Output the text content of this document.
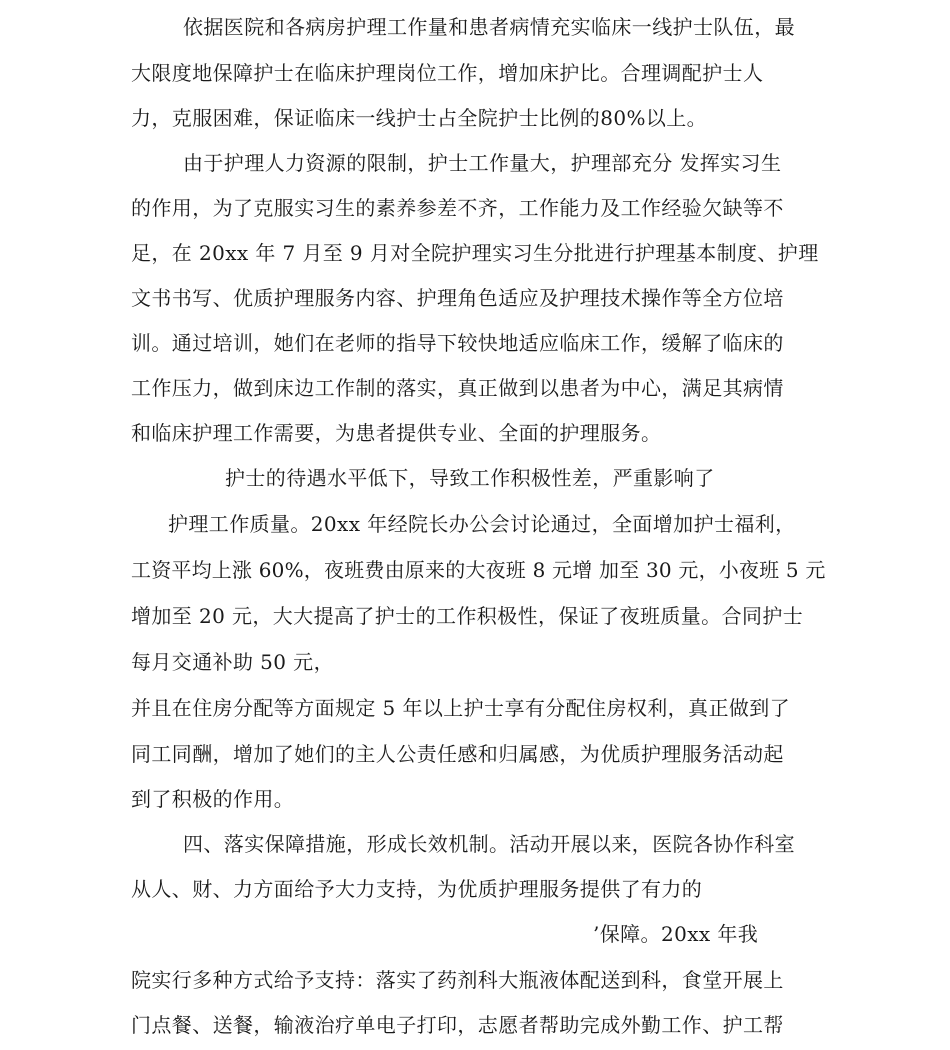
依据医院和各病房护理工作量和患者病情充实临床一线护士队伍，最
大限度地保障护士在临床护理岗位工作，增加床护比。合理调配护士人
力，克服困难，保证临床一线护士占全院护士比例的80%以上。
由于护理人力资源的限制，护士工作量大，护理部充分 发挥实习生
的作用，为了克服实习生的素养参差不齐，工作能力及工作经验欠缺等不
足，在 20xx 年 7 月至 9 月对全院护理实习生分批进行护理基本制度、护理
文书书写、优质护理服务内容、护理角色适应及护理技术操作等全方位培
训。通过培训，她们在老师的指导下较快地适应临床工作，缓解了临床的
工作压力，做到床边工作制的落实，真正做到以患者为中心，满足其病情
和临床护理工作需要，为患者提供专业、全面的护理服务。
护士的待遇水平低下，导致工作积极性差，严重影响了
护理工作质量。20xx 年经院长办公会讨论通过，全面增加护士福利，
工资平均上涨 60%，夜班费由原来的大夜班 8 元增 加至 30 元，小夜班 5 元
增加至 20 元，大大提高了护士的工作积极性，保证了夜班质量。合同护士
每月交通补助 50 元，
并且在住房分配等方面规定 5 年以上护士享有分配住房权利，真正做到了
同工同酬，增加了她们的主人公责任感和归属感，为优质护理服务活动起
到了积极的作用。
四、落实保障措施，形成长效机制。活动开展以来，医院各协作科室
从人、财、力方面给予大力支持，为优质护理服务提供了有力的
’保障。20xx 年我
院实行多种方式给予支持：落实了药剂科大瓶液体配送到科，食堂开展上
门点餐、送餐，输液治疗单电子打印，志愿者帮助完成外勤工作、护工帮
